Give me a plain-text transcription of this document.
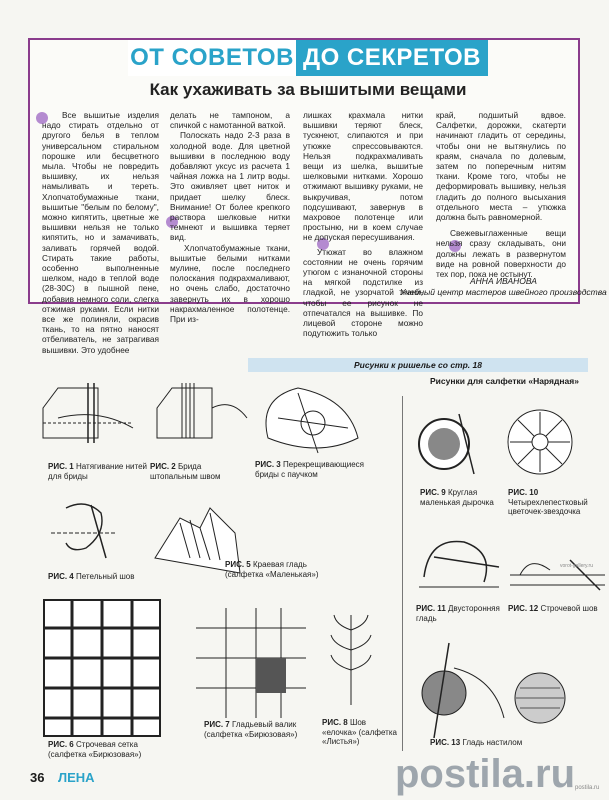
ОТ СОВЕТОВ ДО СЕКРЕТОВ
Как ухаживать за вышитыми вещами

Все вышитые изделия надо стирать отдельно от другого белья в теплом универсальном стиральном порошке или бесцветного мыла. Чтобы не повредить вышивку, их нельзя намыливать и тереть. Хлопчатобумажные ткани, вышитые "белым по белому", можно кипятить, цветные же вышивки нельзя не только кипятить, но и замачивать, заливать горячей водой. Стирать такие работы, особенно выполненные шелком, надо в теплой воде (28-30С) в пышной пене, добавив немного соли, слегка отжимая руками. Если нитки все же полиняли, окрасив ткань, то на пятно наносят отбеливатель, не затрагивая вышивки. Это удобнее

делать не тампоном, а спичкой с намотанной ваткой.

Полоскать надо 2-3 раза в холодной воде. Для цветной вышивки в последнюю воду добавляют уксус из расчета 1 чайная ложка на 1 литр воды. Это оживляет цвет ниток и придает шелку блеск. Внимание! От более крепкого раствора шелковые нитки темнеют и вышивка теряет вид.

Хлопчатобумажные ткани, вышитые белыми нитками мулине, после последнего полоскания подкрахмаливают, но очень слабо, достаточно завернуть их в хорошо накрахмаленное полотенце. При из-

лишках крахмала нитки вышивки теряют блеск, тускнеют, слипаются и при утюжке спрессовываются. Нельзя подкрахмаливать вещи из шелка, вышитые шелковыми нитками. Хорошо отжимают вышивку руками, не выкручивая, потом подсушивают, завернув в махровое полотенце или простыню, ни в коем случае не допуская пересушивания.

Утюжат во влажном состоянии не очень горячим утюгом с изнаночной стороны на мягкой подстилке из гладкой, не узорчатой ткани, чтобы ее рисунок не отпечатался на вышивке. По лицевой стороне можно подутюжить только

край, подшитый вдвое. Салфетки, дорожки, скатерти начинают гладить от середины, чтобы они не вытянулись по краям, сначала по долевым, затем по поперечным нитям ткани. Кроме того, чтобы не деформировать вышивку, нельзя гладить до полного высыхания отдельного места – утюжка должна быть равномерной.

Свежевыглаженные вещи нельзя сразу складывать, они должны лежать в развернутом виде на ровной поверхности до тех пор, пока не остынут.

АННА ИВАНОВА
Учебный центр мастеров швейного производства
Рисунки к ришелье со стр. 18
Рисунки для салфетки «Нарядная»
РИС. 1 Натягивание нитей для бриды
РИС. 2 Брида штопальным швом
РИС. 3 Перекрещивающиеся бриды с паучком
РИС. 4 Петельный шов
РИС. 5 Краевая гладь (салфетка «Маленькая»)
РИС. 6 Строчевая сетка (салфетка «Бирюзовая»)
РИС. 7 Гладьевый валик (салфетка «Бирюзовая»)
РИС. 8 Шов «елочка» (салфетка «Листья»)
РИС. 9 Круглая маленькая дырочка
РИС. 10 Четырехлепестковый цветочек-звездочка
РИС. 11 Двусторонняя гладь
РИС. 12 Строчевой шов
РИС. 13 Гладь настилом
postila.ru postila.ru
vorot-gallery.ru
36 ЛЕНА
